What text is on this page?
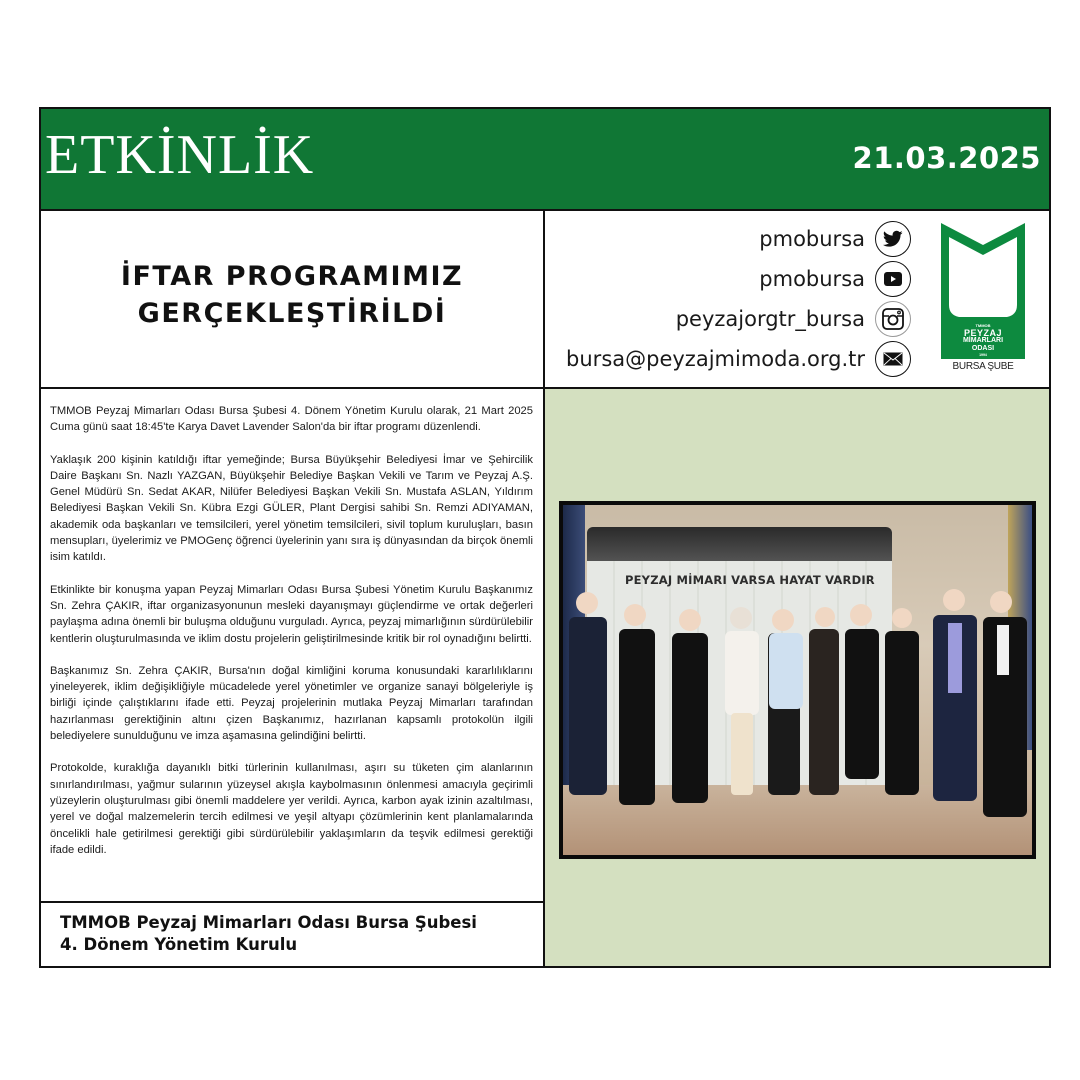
ETKİNLİK	21.03.2025
İFTAR PROGRAMIMIZ
GERÇEKLEŞTİRİLDİ
pmobursa
pmobursa
peyzajorgtr_bursa
bursa@peyzajmimoda.org.tr
TMMOB
PEYZAJ
MİMARLARI
ODASI
1994
BURSA ŞUBE

TMMOB Peyzaj Mimarları Odası Bursa Şubesi 4. Dönem Yönetim Kurulu olarak, 21 Mart 2025 Cuma günü saat 18:45'te Karya Davet Lavender Salon'da bir iftar programı düzenlendi.

Yaklaşık 200 kişinin katıldığı iftar yemeğinde; Bursa Büyükşehir Belediyesi İmar ve Şehircilik Daire Başkanı Sn. Nazlı YAZGAN, Büyükşehir Belediye Başkan Vekili ve Tarım ve Peyzaj A.Ş. Genel Müdürü Sn. Sedat AKAR, Nilüfer Belediyesi Başkan Vekili Sn. Mustafa ASLAN, Yıldırım Belediyesi Başkan Vekili Sn. Kübra Ezgi GÜLER, Plant Dergisi sahibi Sn. Remzi ADIYAMAN, akademik oda başkanları ve temsilcileri, yerel yönetim temsilcileri, sivil toplum kuruluşları, basın mensupları, üyelerimiz ve PMOGenç öğrenci üyelerinin yanı sıra iş dünyasından da birçok önemli isim katıldı.

Etkinlikte bir konuşma yapan Peyzaj Mimarları Odası Bursa Şubesi Yönetim Kurulu Başkanımız Sn. Zehra ÇAKIR, iftar organizasyonunun mesleki dayanışmayı güçlendirme ve ortak değerleri paylaşma adına önemli bir buluşma olduğunu vurguladı. Ayrıca, peyzaj mimarlığının sürdürülebilir kentlerin oluşturulmasında ve iklim dostu projelerin geliştirilmesinde kritik bir rol oynadığını belirtti.

Başkanımız Sn. Zehra ÇAKIR, Bursa'nın doğal kimliğini koruma konusundaki kararlılıklarını yineleyerek, iklim değişikliğiyle mücadelede yerel yönetimler ve organize sanayi bölgeleriyle iş birliği içinde çalıştıklarını ifade etti. Peyzaj projelerinin mutlaka Peyzaj Mimarları tarafından hazırlanması gerektiğinin altını çizen Başkanımız, hazırlanan kapsamlı protokolün ilgili belediyelere sunulduğunu ve imza aşamasına gelindiğini belirtti.

Protokolde, kuraklığa dayanıklı bitki türlerinin kullanılması, aşırı su tüketen çim alanlarının sınırlandırılması, yağmur sularının yüzeysel akışla kaybolmasının önlenmesi amacıyla geçirimli yüzeylerin oluşturulması gibi önemli maddelere yer verildi. Ayrıca, karbon ayak izinin azaltılması, yerel ve doğal malzemelerin tercih edilmesi ve yeşil altyapı çözümlerinin kent planlamalarında öncelikli hale getirilmesi gerektiği gibi sürdürülebilir yaklaşımların da teşvik edilmesi gerektiği ifade edildi.

TMMOB Peyzaj Mimarları Odası Bursa Şubesi
4. Dönem Yönetim Kurulu
PEYZAJ MİMARI VARSA HAYAT VARDIR
